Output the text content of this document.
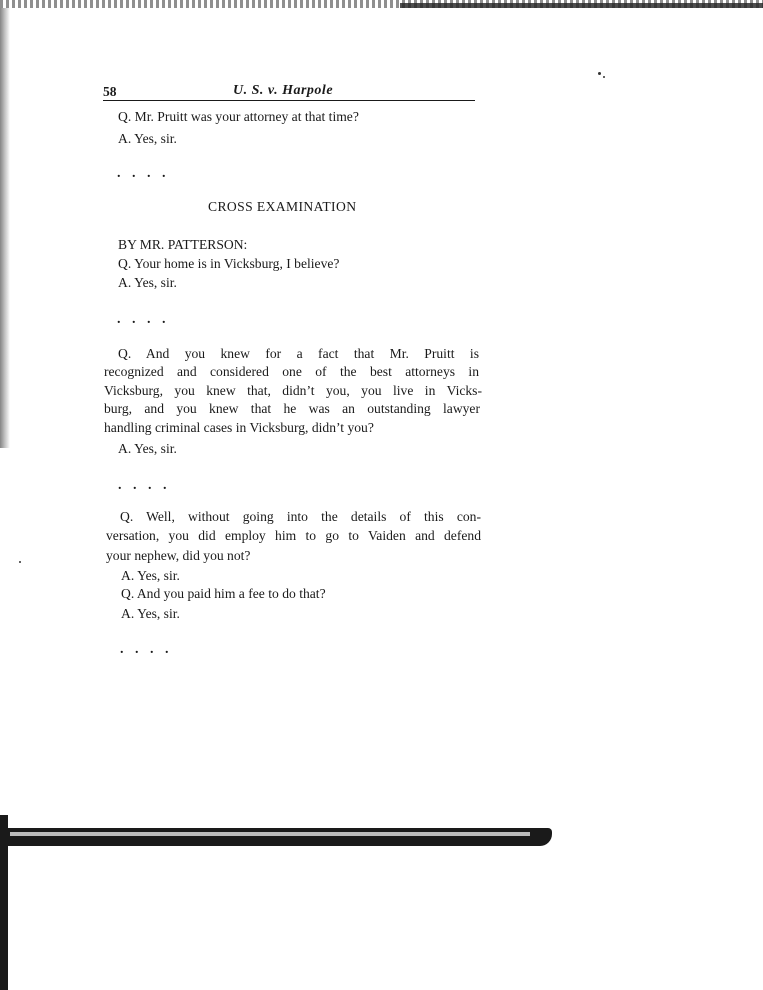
58	U. S. v. Harpole
Q. Mr. Pruitt was your attorney at that time?
A. Yes, sir.
. . . .
CROSS EXAMINATION
BY MR. PATTERSON:
Q. Your home is in Vicksburg, I believe?
A. Yes, sir.
. . . .
Q. And you knew for a fact that Mr. Pruitt is
recognized and considered one of the best attorneys in
Vicksburg, you knew that, didn’t you, you live in Vicks-
burg, and you knew that he was an outstanding lawyer
handling criminal cases in Vicksburg, didn’t you?
A. Yes, sir.
. . . .
Q. Well, without going into the details of this con-
versation, you did employ him to go to Vaiden and defend
your nephew, did you not?
A. Yes, sir.
Q. And you paid him a fee to do that?
A. Yes, sir.
. . . .
